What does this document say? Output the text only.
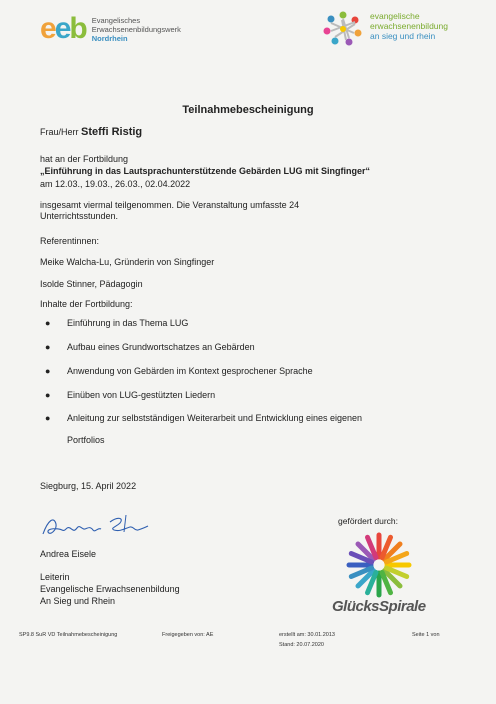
eeb Evangelisches
Erwachsenenbildungswerk
Nordrhein
evangelische
erwachsenenbildung
an sieg und rhein
Teilnahmebescheinigung
Frau/Herr Steffi Ristig
hat an der Fortbildung
„Einführung in das Lautsprachunterstützende Gebärden LUG mit Singfinger“
am 12.03., 19.03., 26.03., 02.04.2022
insgesamt viermal teilgenommen. Die Veranstaltung umfasste 24
Unterrichtsstunden.
Referentinnen:
Meike Walcha-Lu, Gründerin von Singfinger
Isolde Stinner, Pädagogin
Inhalte der Fortbildung:
● Einführung in das Thema LUG
● Aufbau eines Grundwortschatzes an Gebärden
● Anwendung von Gebärden im Kontext gesprochener Sprache
● Einüben von LUG-gestützten Liedern
● Anleitung zur selbstständigen Weiterarbeit und Entwicklung eines eigenen
Portfolios
Siegburg, 15. April 2022
Andrea Eisele
Leiterin
Evangelische Erwachsenenbildung
An Sieg und Rhein
gefördert durch:
GlücksSpirale
SP9.8 SuR VD Teilnahmebescheinigung	Freigegeben von: AE	erstellt am: 30.01.2013
Stand: 20.07.2020
Seite 1 von
